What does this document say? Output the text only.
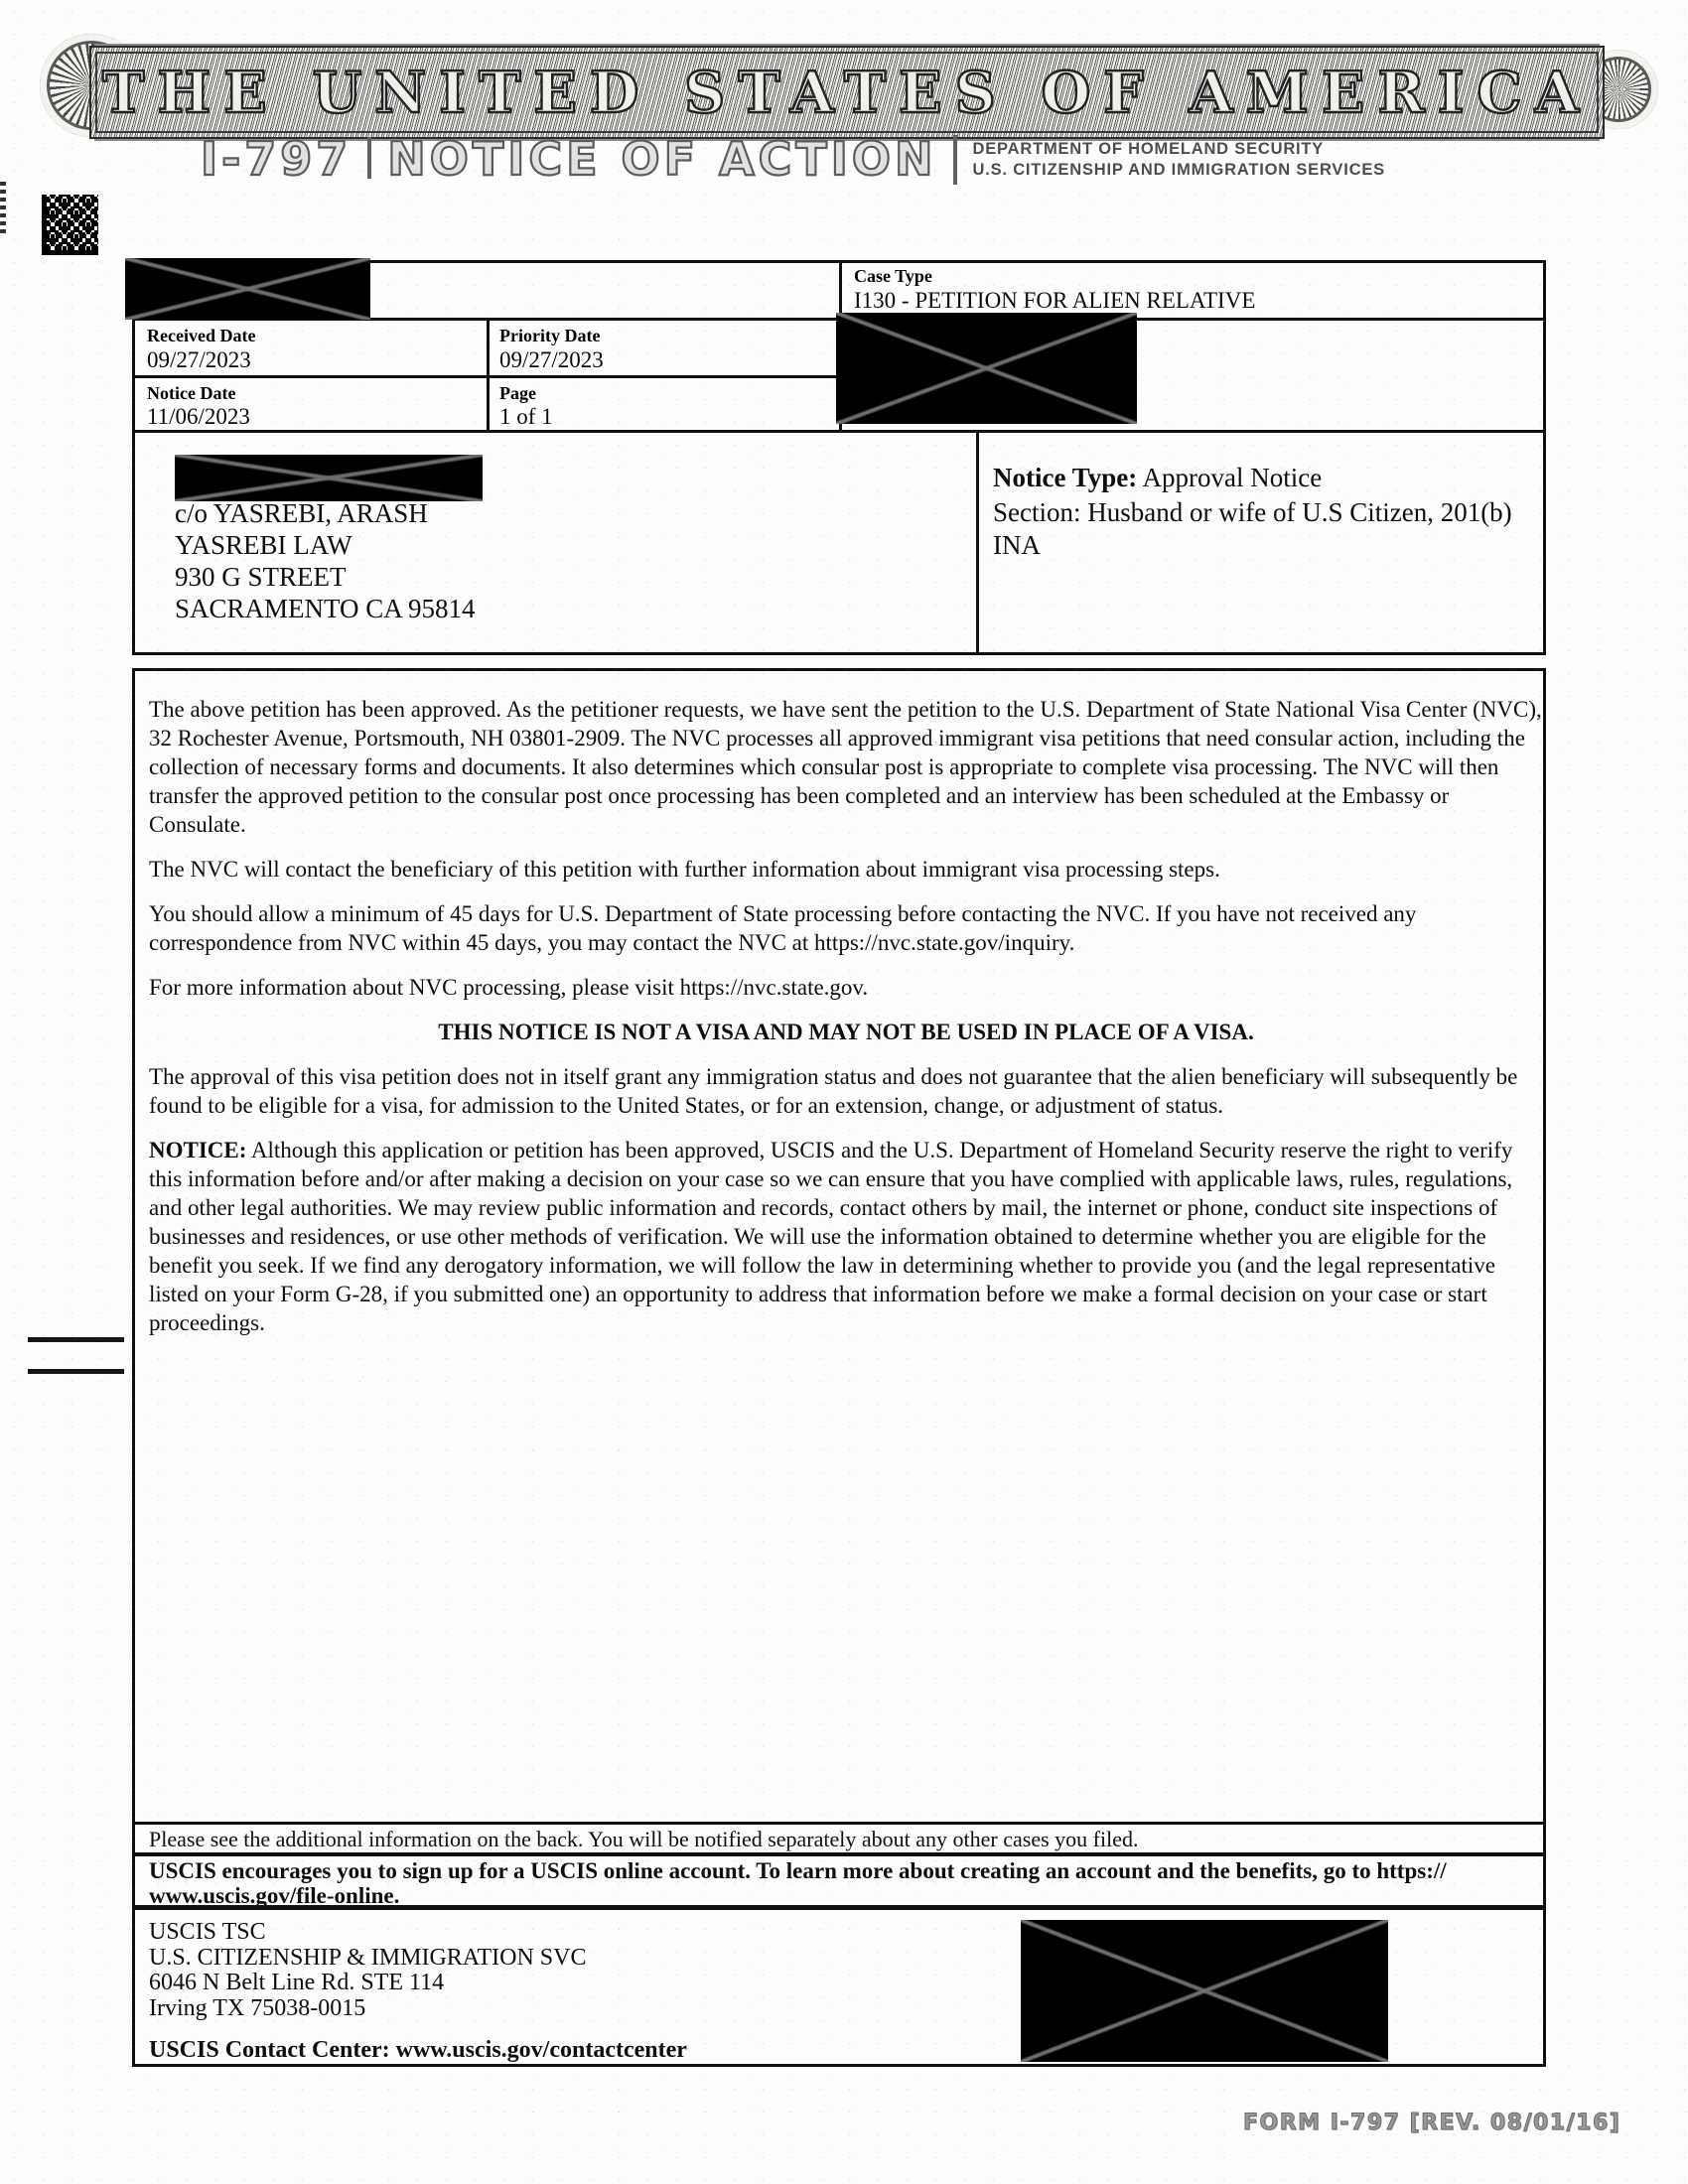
THE UNITED STATES OF AMERICA
I-797 NOTICE OF ACTION DEPARTMENT OF HOMELAND SECURITY
U.S. CITIZENSHIP AND IMMIGRATION SERVICES
Case Type
I130 - PETITION FOR ALIEN RELATIVE
Received Date
09/27/2023
Priority Date
09/27/2023
Notice Date
11/06/2023
Page
1 of 1
c/o YASREBI, ARASH
YASREBI LAW
930 G STREET
SACRAMENTO CA 95814
Notice Type: Approval Notice
Section: Husband or wife of U.S Citizen, 201(b) INA

The above petition has been approved. As the petitioner requests, we have sent the petition to the U.S. Department of State National Visa Center (NVC), 32 Rochester Avenue, Portsmouth, NH 03801-2909. The NVC processes all approved immigrant visa petitions that need consular action, including the collection of necessary forms and documents. It also determines which consular post is appropriate to complete visa processing. The NVC will then transfer the approved petition to the consular post once processing has been completed and an interview has been scheduled at the Embassy or Consulate.

The NVC will contact the beneficiary of this petition with further information about immigrant visa processing steps.

You should allow a minimum of 45 days for U.S. Department of State processing before contacting the NVC. If you have not received any correspondence from NVC within 45 days, you may contact the NVC at https://nvc.state.gov/inquiry.

For more information about NVC processing, please visit https://nvc.state.gov.

THIS NOTICE IS NOT A VISA AND MAY NOT BE USED IN PLACE OF A VISA.

The approval of this visa petition does not in itself grant any immigration status and does not guarantee that the alien beneficiary will subsequently be found to be eligible for a visa, for admission to the United States, or for an extension, change, or adjustment of status.

NOTICE: Although this application or petition has been approved, USCIS and the U.S. Department of Homeland Security reserve the right to verify this information before and/or after making a decision on your case so we can ensure that you have complied with applicable laws, rules, regulations, and other legal authorities. We may review public information and records, contact others by mail, the internet or phone, conduct site inspections of businesses and residences, or use other methods of verification. We will use the information obtained to determine whether you are eligible for the benefit you seek. If we find any derogatory information, we will follow the law in determining whether to provide you (and the legal representative listed on your Form G-28, if you submitted one) an opportunity to address that information before we make a formal decision on your case or start proceedings.

Please see the additional information on the back. You will be notified separately about any other cases you filed.
USCIS encourages you to sign up for a USCIS online account. To learn more about creating an account and the benefits, go to https://
www.uscis.gov/file-online.
USCIS TSC
U.S. CITIZENSHIP & IMMIGRATION SVC
6046 N Belt Line Rd. STE 114
Irving TX 75038-0015
USCIS Contact Center: www.uscis.gov/contactcenter
FORM I-797 [REV. 08/01/16]
